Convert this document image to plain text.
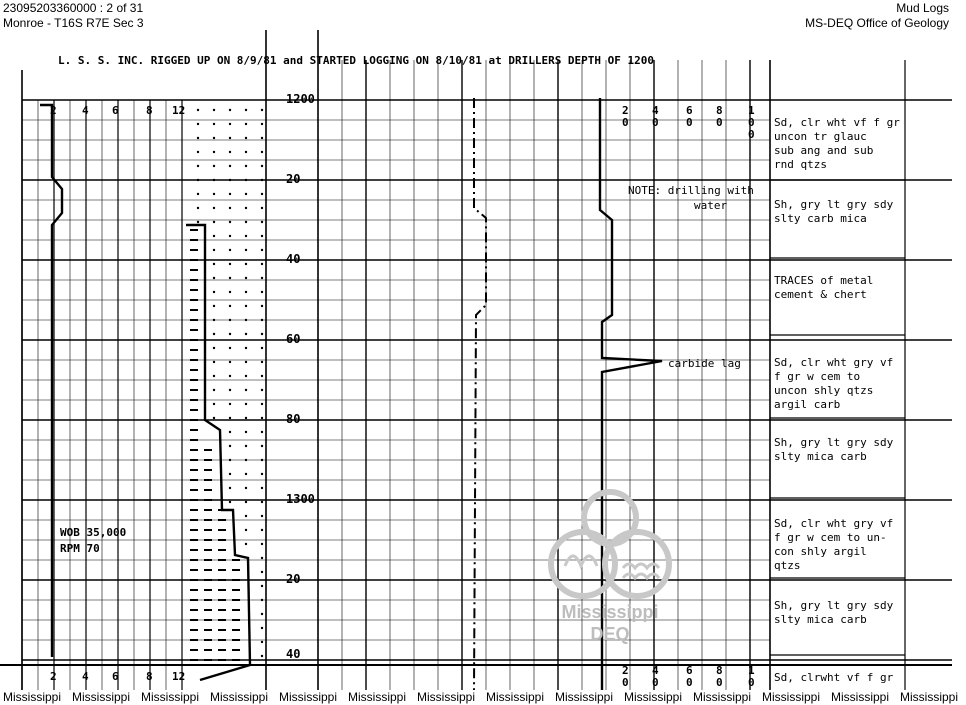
23095203360000 : 2 of 31
Monroe - T16S R7E Sec 3
Mud Logs
MS-DEQ Office of Geology
L. S. S. INC. RIGGED UP ON 8/9/81 and STARTED LOGGING ON 8/10/81 at DRILLERS DEPTH OF 1200
1200
20
40
60
80
1300
20
40
2 4 6 8 12	2 4 6 8 1
0 0 0 0 0
0
NOTE: drilling with
water
carbide lag
WOB 35,000
RPM 70
Sd, clr wht vf f gr
uncon tr glauc
sub ang and sub
rnd qtzs
Sh, gry lt gry sdy
slty carb mica
TRACES of metal
cement & chert
Sd, clr wht gry vf
f gr w cem to
uncon shly qtzs
argil carb
Sh, gry lt gry sdy
slty mica carb
Sd, clr wht gry vf
f gr w cem to un-
con shly argil
qtzs
Sh, gry lt gry sdy
slty mica carb
Sd, clrwht vf f gr
2 4 6 8 12	2 4 6 8 1
0 0 0 0 0
Mississippi
DEQ
Mississippi Mississippi Mississippi Mississippi Mississippi Mississippi Mississippi Mississippi Mississippi Mississippi Mississippi Mississippi Mississippi Mississippi
